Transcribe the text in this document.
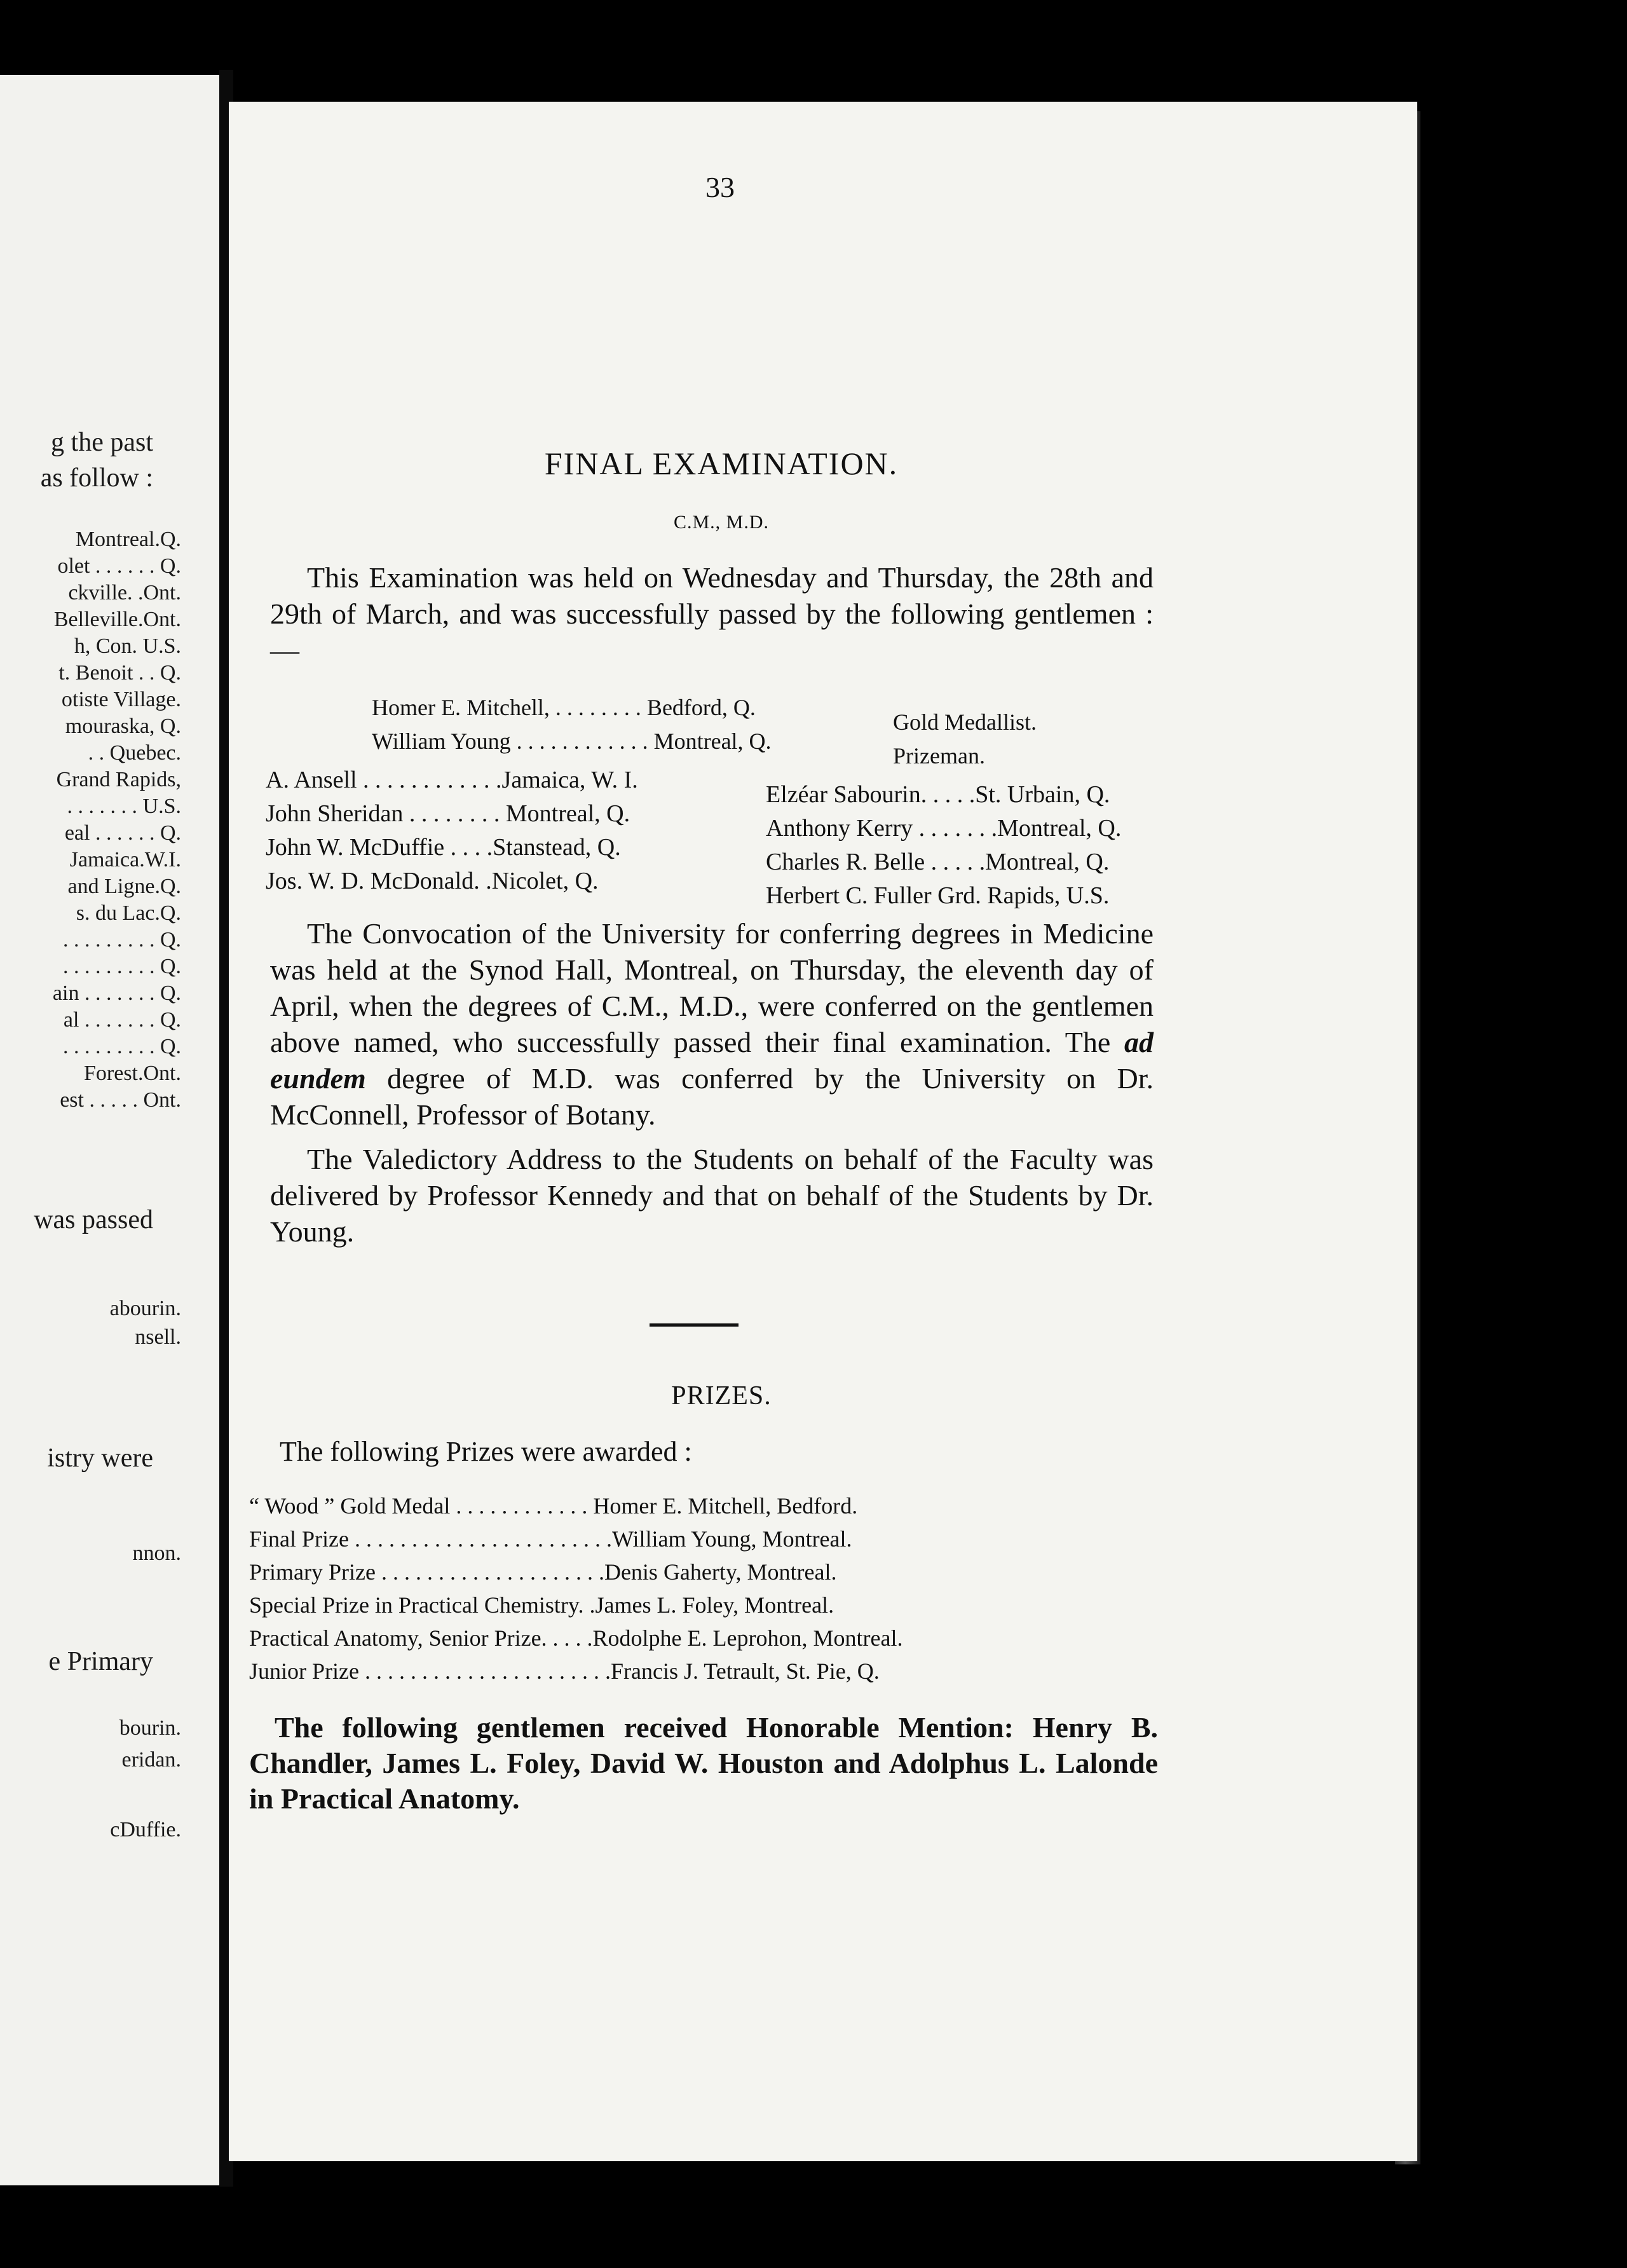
g the past
as follow :
Montreal.Q.
olet . . . . . . Q.
ckville. .Ont.
Belleville.Ont.
h, Con. U.S.
t. Benoit . . Q.
otiste Village.
mouraska, Q.
. . Quebec.
Grand Rapids,
. . . . . . . U.S.
eal . . . . . . Q.
Jamaica.W.I.
and Ligne.Q.
s. du Lac.Q.
. . . . . . . . . Q.
. . . . . . . . . Q.
ain . . . . . . . Q.
al . . . . . . . Q.
. . . . . . . . . Q.
Forest.Ont.
est . . . . . Ont.
was passed
abourin.
nsell.
istry were
nnon.
e Primary
bourin.
eridan.
cDuffie.
33
FINAL EXAMINATION.
C.M., M.D.
This Examination was held on Wednesday and Thursday, the 28th and 29th of March, and was successfully passed by the following gentlemen :—
Homer E. Mitchell, . . . . . . . . Bedford, Q.
Gold Medallist.
William Young . . . . . . . . . . . . Montreal, Q.
Prizeman.
A. Ansell . . . . . . . . . . . .Jamaica, W. I.
John Sheridan . . . . . . . . Montreal, Q.
John W. McDuffie . . . .Stanstead, Q.
Jos. W. D. McDonald. .Nicolet, Q.
Elzéar Sabourin. . . . .St. Urbain, Q.
Anthony Kerry . . . . . . .Montreal, Q.
Charles R. Belle . . . . .Montreal, Q.
Herbert C. Fuller Grd. Rapids, U.S.
The Convocation of the University for conferring degrees in Medicine was held at the Synod Hall, Montreal, on Thursday, the eleventh day of April, when the degrees of C.M., M.D., were conferred on the gentlemen above named, who successfully passed their final examination. The ad eundem degree of M.D. was conferred by the University on Dr. McConnell, Professor of Botany.
The Valedictory Address to the Students on behalf of the Faculty was delivered by Professor Kennedy and that on behalf of the Students by Dr. Young.
PRIZES.
The following Prizes were awarded :
“ Wood ” Gold Medal . . . . . . . . . . . . Homer E. Mitchell, Bedford.
Final Prize . . . . . . . . . . . . . . . . . . . . . . .William Young, Montreal.
Primary Prize . . . . . . . . . . . . . . . . . . . .Denis Gaherty, Montreal.
Special Prize in Practical Chemistry. .James L. Foley, Montreal.
Practical Anatomy, Senior Prize. . . . .Rodolphe E. Leprohon, Montreal.
Junior Prize . . . . . . . . . . . . . . . . . . . . . .Francis J. Tetrault, St. Pie, Q.
The following gentlemen received Honorable Mention: Henry B. Chandler, James L. Foley, David W. Houston and Adolphus L. Lalonde in Practical Anatomy.
